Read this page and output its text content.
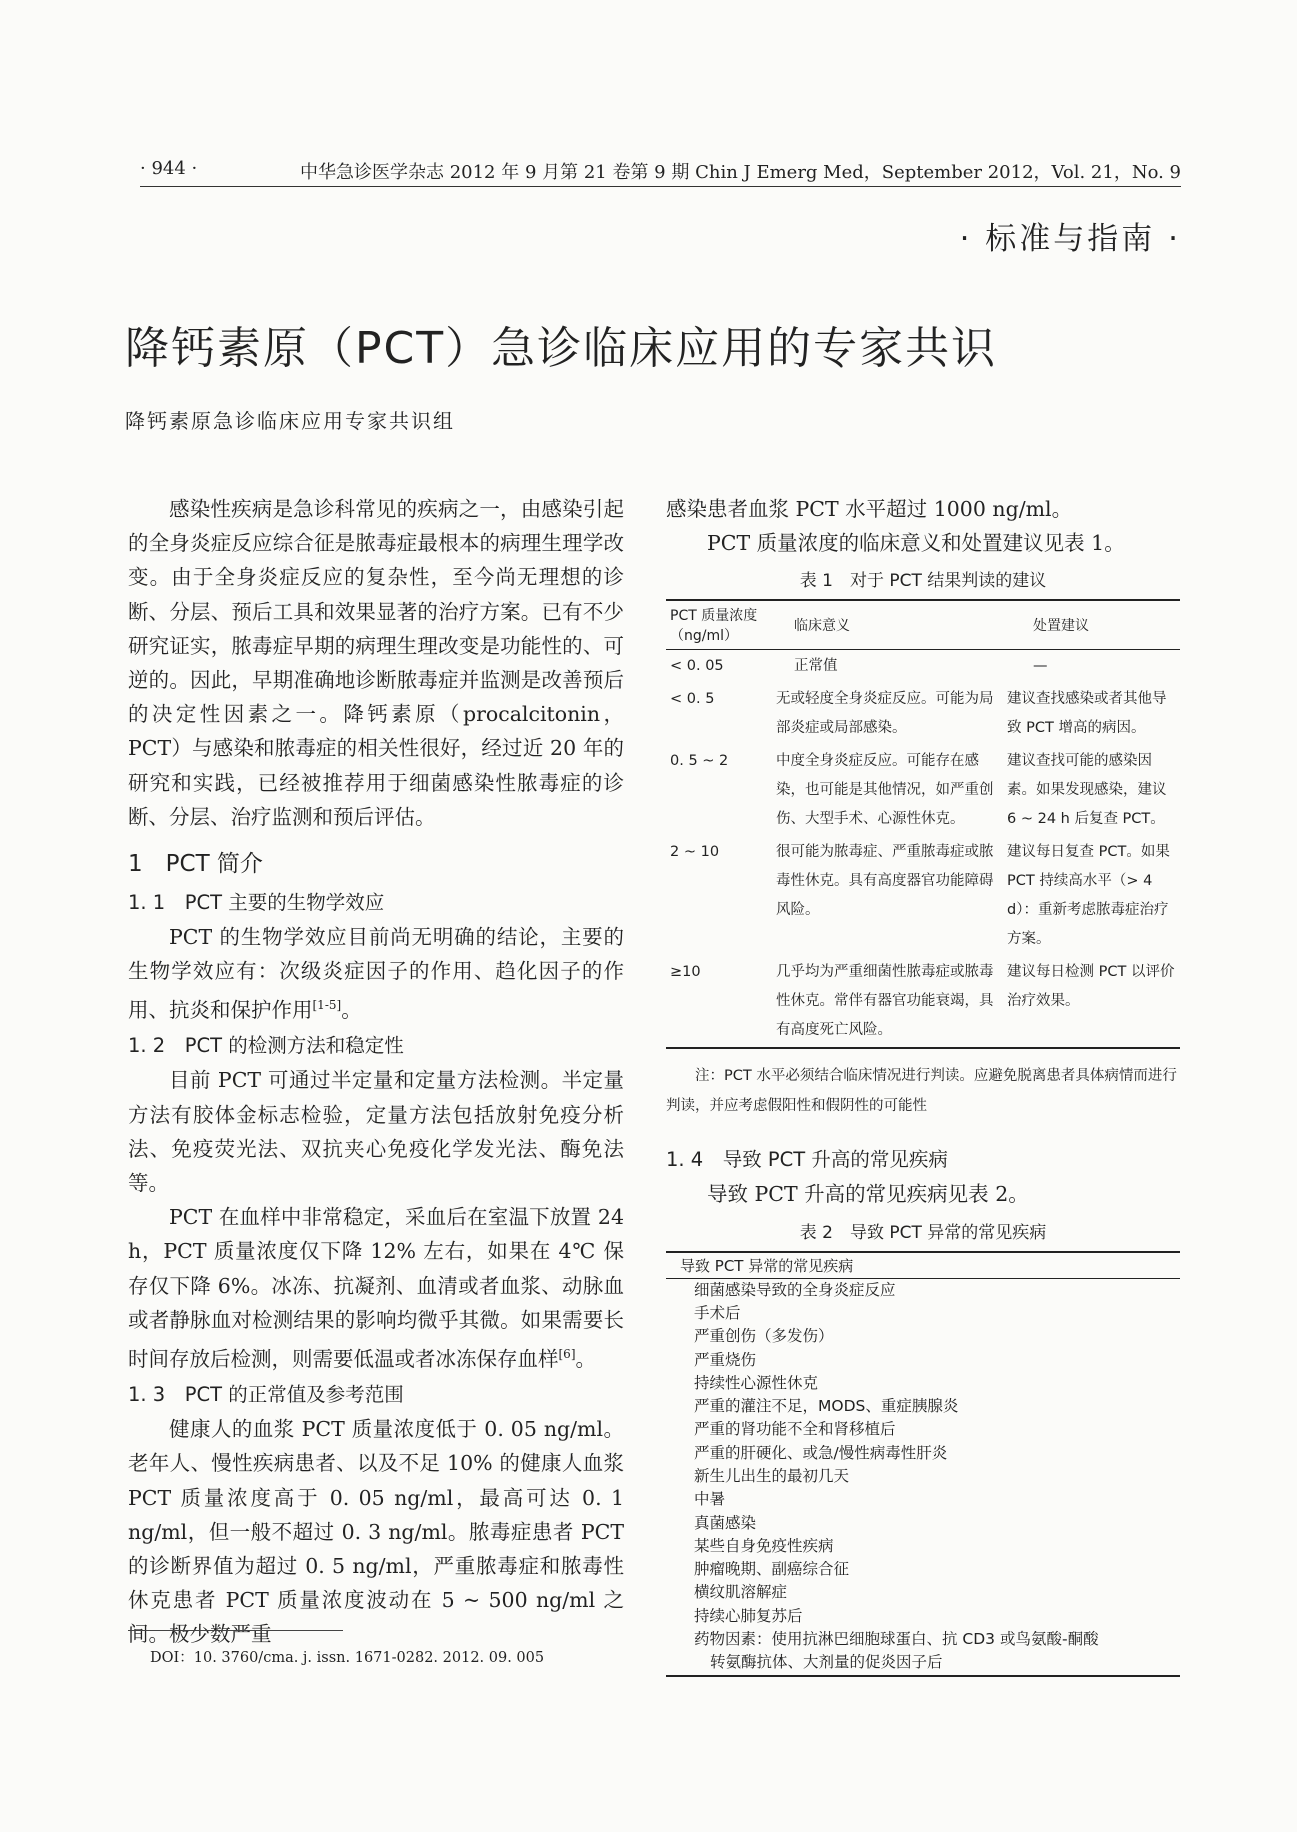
· 944 ·	中华急诊医学杂志 2012 年 9 月第 21 卷第 9 期 Chin J Emerg Med，September 2012，Vol. 21，No. 9
· 标准与指南 ·
降钙素原（PCT）急诊临床应用的专家共识
降钙素原急诊临床应用专家共识组

感染性疾病是急诊科常见的疾病之一，由感染引起的全身炎症反应综合征是脓毒症最根本的病理生理学改变。由于全身炎症反应的复杂性，至今尚无理想的诊断、分层、预后工具和效果显著的治疗方案。已有不少研究证实，脓毒症早期的病理生理改变是功能性的、可逆的。因此，早期准确地诊断脓毒症并监测是改善预后的决定性因素之一。降钙素原（procalcitonin，PCT）与感染和脓毒症的相关性很好，经过近 20 年的研究和实践，已经被推荐用于细菌感染性脓毒症的诊断、分层、治疗监测和预后评估。

1　PCT 简介
1. 1　PCT 主要的生物学效应

PCT 的生物学效应目前尚无明确的结论，主要的生物学效应有：次级炎症因子的作用、趋化因子的作用、抗炎和保护作用[1-5]。

1. 2　PCT 的检测方法和稳定性

目前 PCT 可通过半定量和定量方法检测。半定量方法有胶体金标志检验，定量方法包括放射免疫分析法、免疫荧光法、双抗夹心免疫化学发光法、酶免法等。

PCT 在血样中非常稳定，采血后在室温下放置 24 h，PCT 质量浓度仅下降 12% 左右，如果在 4℃ 保存仅下降 6%。冰冻、抗凝剂、血清或者血浆、动脉血或者静脉血对检测结果的影响均微乎其微。如果需要长时间存放后检测，则需要低温或者冰冻保存血样[6]。

1. 3　PCT 的正常值及参考范围

健康人的血浆 PCT 质量浓度低于 0. 05 ng/ml。老年人、慢性疾病患者、以及不足 10% 的健康人血浆 PCT 质量浓度高于 0. 05 ng/ml，最高可达 0. 1 ng/ml，但一般不超过 0. 3 ng/ml。脓毒症患者 PCT 的诊断界值为超过 0. 5 ng/ml，严重脓毒症和脓毒性休克患者 PCT 质量浓度波动在 5 ~ 500 ng/ml 之间。极少数严重

DOI：10. 3760/cma. j. issn. 1671-0282. 2012. 09. 005

感染患者血浆 PCT 水平超过 1000 ng/ml。

PCT 质量浓度的临床意义和处置建议见表 1。

表 1　对于 PCT 结果判读的建议
PCT 质量浓度
（ng/ml）	临床意义	处置建议
< 0. 05	正常值	—
< 0. 5	无或轻度全身炎症反应。可能为局部炎症或局部感染。	建议查找感染或者其他导致 PCT 增高的病因。
0. 5 ~ 2	中度全身炎症反应。可能存在感染，也可能是其他情况，如严重创伤、大型手术、心源性休克。	建议查找可能的感染因素。如果发现感染，建议 6 ~ 24 h 后复查 PCT。
2 ~ 10	很可能为脓毒症、严重脓毒症或脓毒性休克。具有高度器官功能障碍风险。	建议每日复查 PCT。如果 PCT 持续高水平（> 4 d）：重新考虑脓毒症治疗方案。
≥10	几乎均为严重细菌性脓毒症或脓毒性休克。常伴有器官功能衰竭，具有高度死亡风险。	建议每日检测 PCT 以评价治疗效果。
注：PCT 水平必须结合临床情况进行判读。应避免脱离患者具体病情而进行判读，并应考虑假阳性和假阴性的可能性
1. 4　导致 PCT 升高的常见疾病

导致 PCT 升高的常见疾病见表 2。

表 2　导致 PCT 异常的常见疾病
导致 PCT 异常的常见疾病
细菌感染导致的全身炎症反应
手术后
严重创伤（多发伤）
严重烧伤
持续性心源性休克
严重的灌注不足，MODS、重症胰腺炎
严重的肾功能不全和肾移植后
严重的肝硬化、或急/慢性病毒性肝炎
新生儿出生的最初几天
中暑
真菌感染
某些自身免疫性疾病
肿瘤晚期、副癌综合征
横纹肌溶解症
持续心肺复苏后
药物因素：使用抗淋巴细胞球蛋白、抗 CD3 或鸟氨酸-酮酸
转氨酶抗体、大剂量的促炎因子后
